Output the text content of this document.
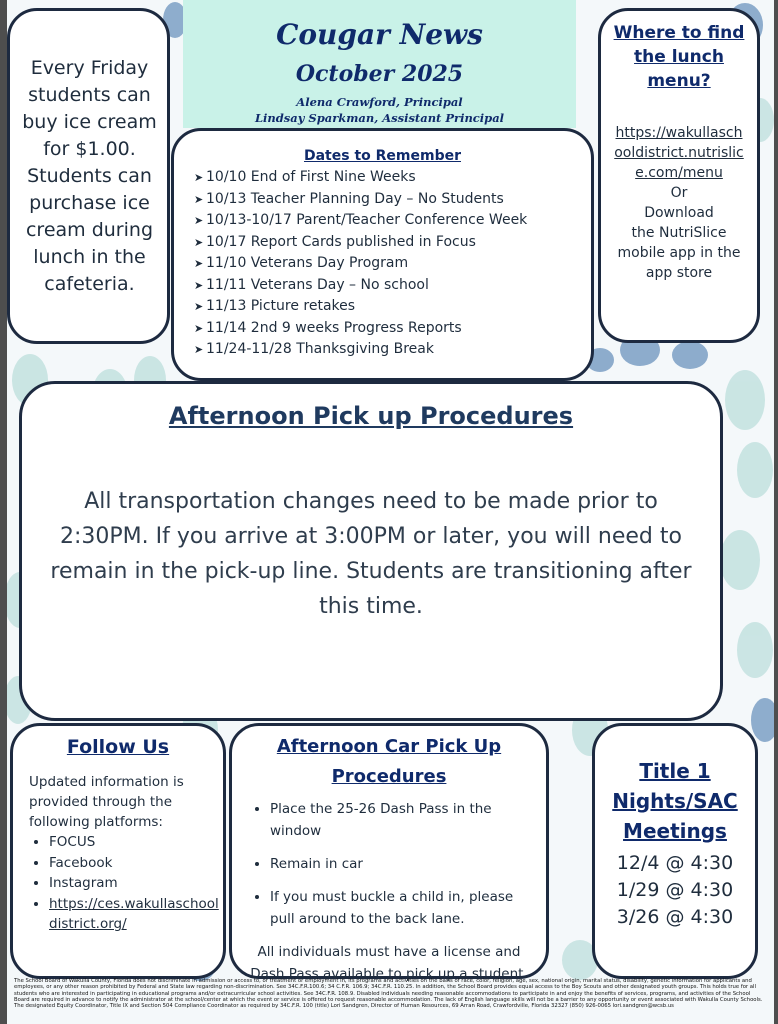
Cougar News
October 2025
Alena Crawford, Principal
Lindsay Sparkman, Assistant Principal
Every Friday students can buy ice cream for $1.00. Students can purchase ice cream during lunch in the cafeteria.
Dates to Remember
➤ 10/10 End of First Nine Weeks
➤ 10/13 Teacher Planning Day – No Students
➤ 10/13-10/17 Parent/Teacher Conference Week
➤ 10/17 Report Cards published in Focus
➤ 11/10 Veterans Day Program
➤ 11/11 Veterans Day – No school
➤ 11/13 Picture retakes
➤ 11/14 2nd 9 weeks Progress Reports
➤ 11/24-11/28 Thanksgiving Break
Where to find the lunch menu?
https://wakullasch
ooldistrict.nutrislic
e.com/menu
Or
Download
the NutriSlice
mobile app in the
app store
Afternoon Pick up Procedures
All transportation changes need to be made prior to 2:30PM. If you arrive at 3:00PM or later, you will need to remain in the pick-up line. Students are transitioning after this time.
Follow Us
Updated information is provided through the following platforms:
• FOCUS
• Facebook
• Instagram
• https://ces.wakullaschooldistrict.org/
Afternoon Car Pick Up
Procedures
• Place the 25-26 Dash Pass in the window
• Remain in car
• If you must buckle a child in, please pull around to the back lane.
All individuals must have a license and Dash Pass available to pick up a student.
Title 1
Nights/SAC
Meetings
12/4 @ 4:30
1/29 @ 4:30
3/26 @ 4:30
The School Board of Wakulla County, Florida does not discriminate in admission or access to, or treatment or employment in, its programs and activities on the basis of race, color, religion, age, sex, national origin, marital status, disability, genetic information for applicants and employees, or any other reason prohibited by Federal and State law regarding non-discrimination. See 34C.F.R.100.6; 34 C.F.R. 106.9; 34C.F.R. 110.25. In addition, the School Board provides equal access to the Boy Scouts and other designated youth groups. This holds true for all students who are interested in participating in educational programs and/or extracurricular school activities. See 34C.F.R. 108.9. Disabled individuals needing reasonable accommodations to participate in and enjoy the benefits of services, programs, and activities of the School Board are required in advance to notify the administrator at the school/center at which the event or service is offered to request reasonable accommodation. The lack of English language skills will not be a barrier to any opportunity or event associated with Wakulla County Schools. The designated Equity Coordinator, Title IX and Section 504 Compliance Coordinator as required by 34C.F.R. 100 (title) Lori Sandgren, Director of Human Resources, 69 Arran Road, Crawfordville, Florida 32327 (850) 926-0065 lori.sandgren@wcsb.us
